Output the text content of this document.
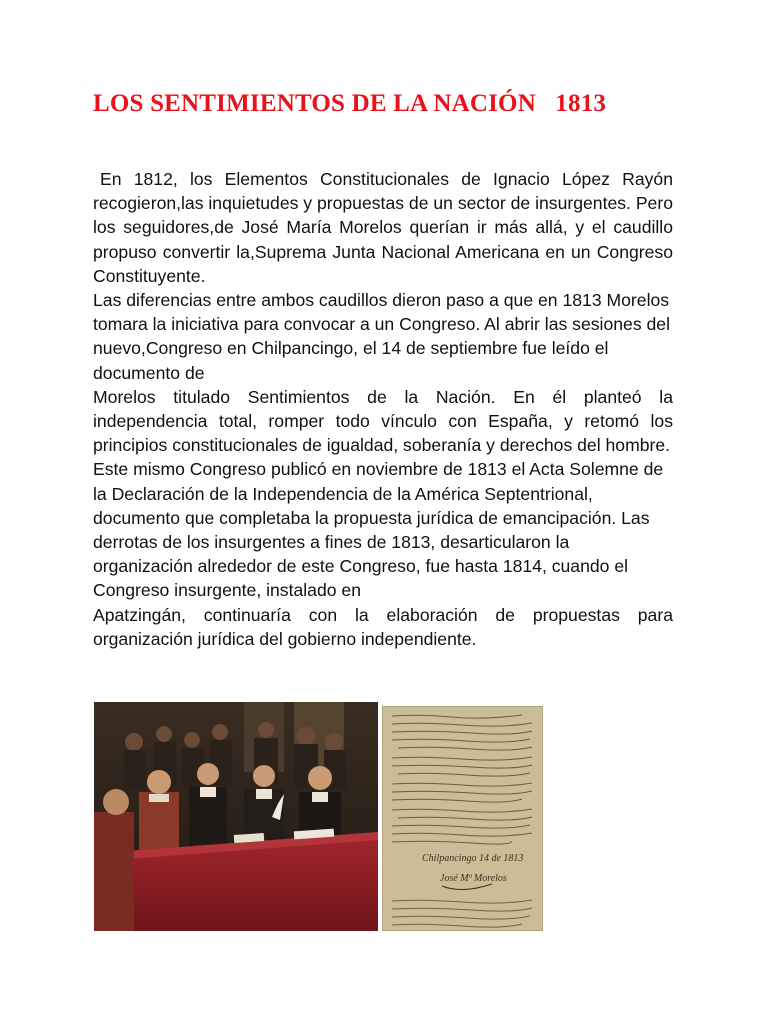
LOS SENTIMIENTOS DE LA NACIÓN   1813

En 1812, los Elementos Constitucionales de Ignacio López Rayón recogieron,las inquietudes y propuestas de un sector de insurgentes. Pero los seguidores,de José María Morelos querían ir más allá, y el caudillo propuso convertir la,Suprema Junta Nacional Americana en un Congreso Constituyente.

Las diferencias entre ambos caudillos dieron paso a que en 1813 Morelos tomara la iniciativa para convocar a un Congreso. Al abrir las sesiones del nuevo,Congreso en Chilpancingo, el 14 de septiembre fue leído el documento de

Morelos titulado Sentimientos de la Nación. En él planteó la independencia total, romper todo vínculo con España, y retomó los principios constitucionales de igualdad, soberanía y derechos del hombre.

Este mismo Congreso publicó en noviembre de 1813 el Acta Solemne de la Declaración de la Independencia de la América Septentrional, documento que completaba la propuesta jurídica de emancipación. Las derrotas de los insurgentes a fines de 1813, desarticularon la organización alrededor de este Congreso, fue hasta 1814, cuando el Congreso insurgente, instalado en

Apatzingán, continuaría con la elaboración de propuestas para organización jurídica del gobierno independiente.

Chilpancingo 14 de 1813
José Mª Morelos
